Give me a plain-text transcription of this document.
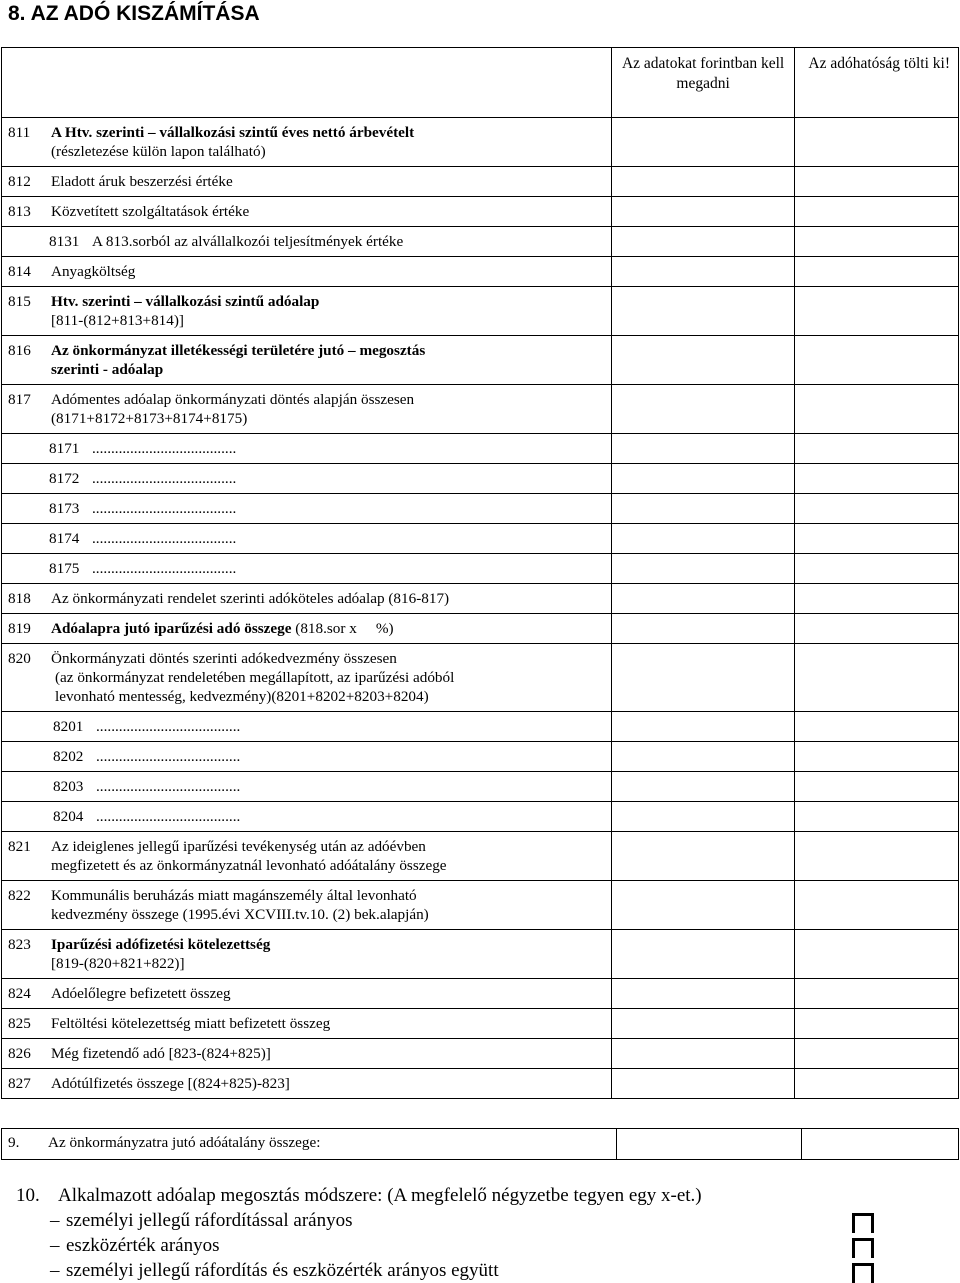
8. AZ ADÓ KISZÁMÍTÁSA
	Az adatokat forintban kell megadni	Az adóhatóság tölti ki!

811 A Htv. szerinti – vállalkozási szintű éves nettó árbevételt
(részletezése külön lapon található)		

812 Eladott áruk beszerzési értéke		

813 Közvetített szolgáltatások értéke		

8131 A 813.sorból az alvállalkozói teljesítmények értéke		

814 Anyagköltség		

815 Htv. szerinti – vállalkozási szintű adóalap
[811-(812+813+814)]		

816 Az önkormányzat illetékességi területére jutó – megosztás
szerinti - adóalap		

817 Adómentes adóalap önkormányzati döntés alapján összesen
(8171+8172+8173+8174+8175)		

8171 ......................................		

8172 ......................................		

8173 ......................................		

8174 ......................................		

8175 ......................................		

818 Az önkormányzati rendelet szerinti adóköteles adóalap (816-817)		

819 Adóalapra jutó iparűzési adó összege (818.sor x     %)		

820 Önkormányzati döntés szerinti adókedvezmény összesen
(az önkormányzat rendeletében megállapított, az iparűzési adóból
levonható mentesség, kedvezmény)(8201+8202+8203+8204)		

8201 ......................................		

8202 ......................................		

8203 ......................................		

8204 ......................................		

821 Az ideiglenes jellegű iparűzési tevékenység után az adóévben
megfizetett és az önkormányzatnál levonható adóátalány összege		

822 Kommunális beruházás miatt magánszemély által levonható
kedvezmény összege (1995.évi XCVIII.tv.10. (2) bek.alapján)		

823 Iparűzési adófizetési kötelezettség
[819-(820+821+822)]		

824 Adóelőlegre befizetett összeg		

825 Feltöltési kötelezettség miatt befizetett összeg		

826 Még fizetendő adó [823-(824+825)]		

827 Adótúlfizetés összege [(824+825)-823]		

9.	Az önkormányzatra jutó adóátalány összege:

10. Alkalmazott adóalap megosztás módszere: (A megfelelő négyzetbe tegyen egy x-et.)
– személyi jellegű ráfordítással arányos
– eszközérték arányos
– személyi jellegű ráfordítás és eszközérték arányos együtt
